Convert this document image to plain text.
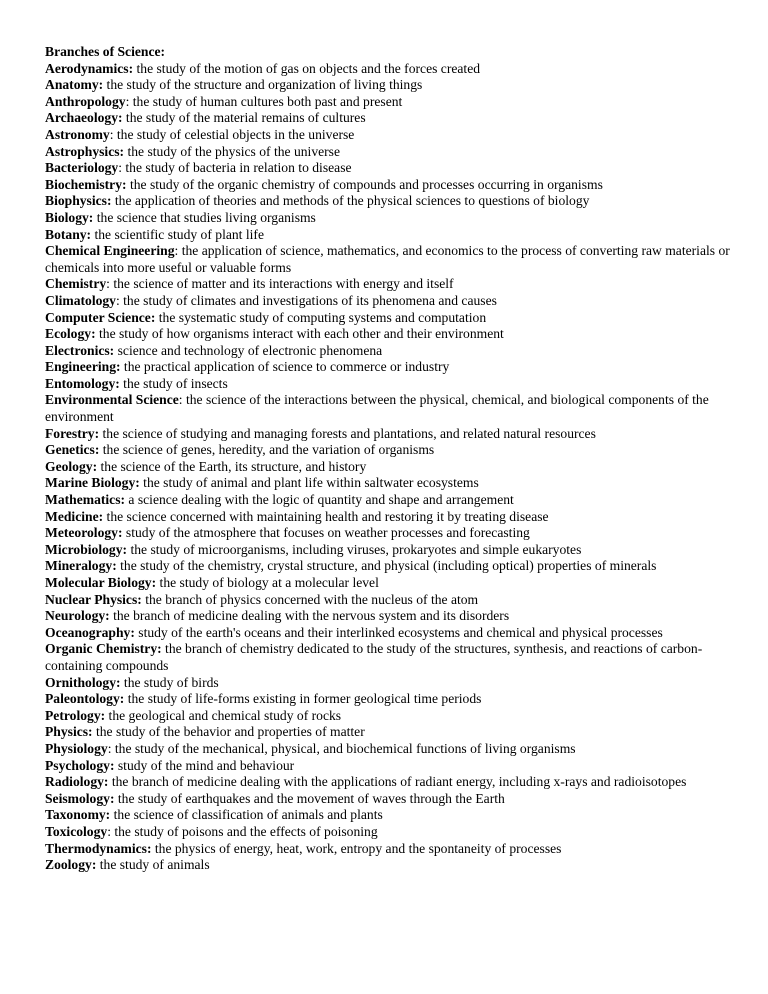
Branches of Science:
Aerodynamics: the study of the motion of gas on objects and the forces created
Anatomy: the study of the structure and organization of living things
Anthropology: the study of human cultures both past and present
Archaeology: the study of the material remains of cultures
Astronomy: the study of celestial objects in the universe
Astrophysics: the study of the physics of the universe
Bacteriology: the study of bacteria in relation to disease
Biochemistry: the study of the organic chemistry of compounds and processes occurring in organisms
Biophysics: the application of theories and methods of the physical sciences to questions of biology
Biology: the science that studies living organisms
Botany: the scientific study of plant life
Chemical Engineering: the application of science, mathematics, and economics to the process of converting raw materials or chemicals into more useful or valuable forms
Chemistry: the science of matter and its interactions with energy and itself
Climatology: the study of climates and investigations of its phenomena and causes
Computer Science: the systematic study of computing systems and computation
Ecology: the study of how organisms interact with each other and their environment
Electronics: science and technology of electronic phenomena
Engineering: the practical application of science to commerce or industry
Entomology: the study of insects
Environmental Science: the science of the interactions between the physical, chemical, and biological components of the environment
Forestry: the science of studying and managing forests and plantations, and related natural resources
Genetics: the science of genes, heredity, and the variation of organisms
Geology: the science of the Earth, its structure, and history
Marine Biology: the study of animal and plant life within saltwater ecosystems
Mathematics: a science dealing with the logic of quantity and shape and arrangement
Medicine: the science concerned with maintaining health and restoring it by treating disease
Meteorology: study of the atmosphere that focuses on weather processes and forecasting
Microbiology: the study of microorganisms, including viruses, prokaryotes and simple eukaryotes
Mineralogy: the study of the chemistry, crystal structure, and physical (including optical) properties of minerals
Molecular Biology: the study of biology at a molecular level
Nuclear Physics: the branch of physics concerned with the nucleus of the atom
Neurology: the branch of medicine dealing with the nervous system and its disorders
Oceanography: study of the earth's oceans and their interlinked ecosystems and chemical and physical processes
Organic Chemistry: the branch of chemistry dedicated to the study of the structures, synthesis, and reactions of carbon-containing compounds
Ornithology: the study of birds
Paleontology: the study of life-forms existing in former geological time periods
Petrology: the geological and chemical study of rocks
Physics: the study of the behavior and properties of matter
Physiology: the study of the mechanical, physical, and biochemical functions of living organisms
Psychology: study of the mind and behaviour
Radiology: the branch of medicine dealing with the applications of radiant energy, including x-rays and radioisotopes
Seismology: the study of earthquakes and the movement of waves through the Earth
Taxonomy: the science of classification of animals and plants
Toxicology: the study of poisons and the effects of poisoning
Thermodynamics: the physics of energy, heat, work, entropy and the spontaneity of processes
Zoology: the study of animals
